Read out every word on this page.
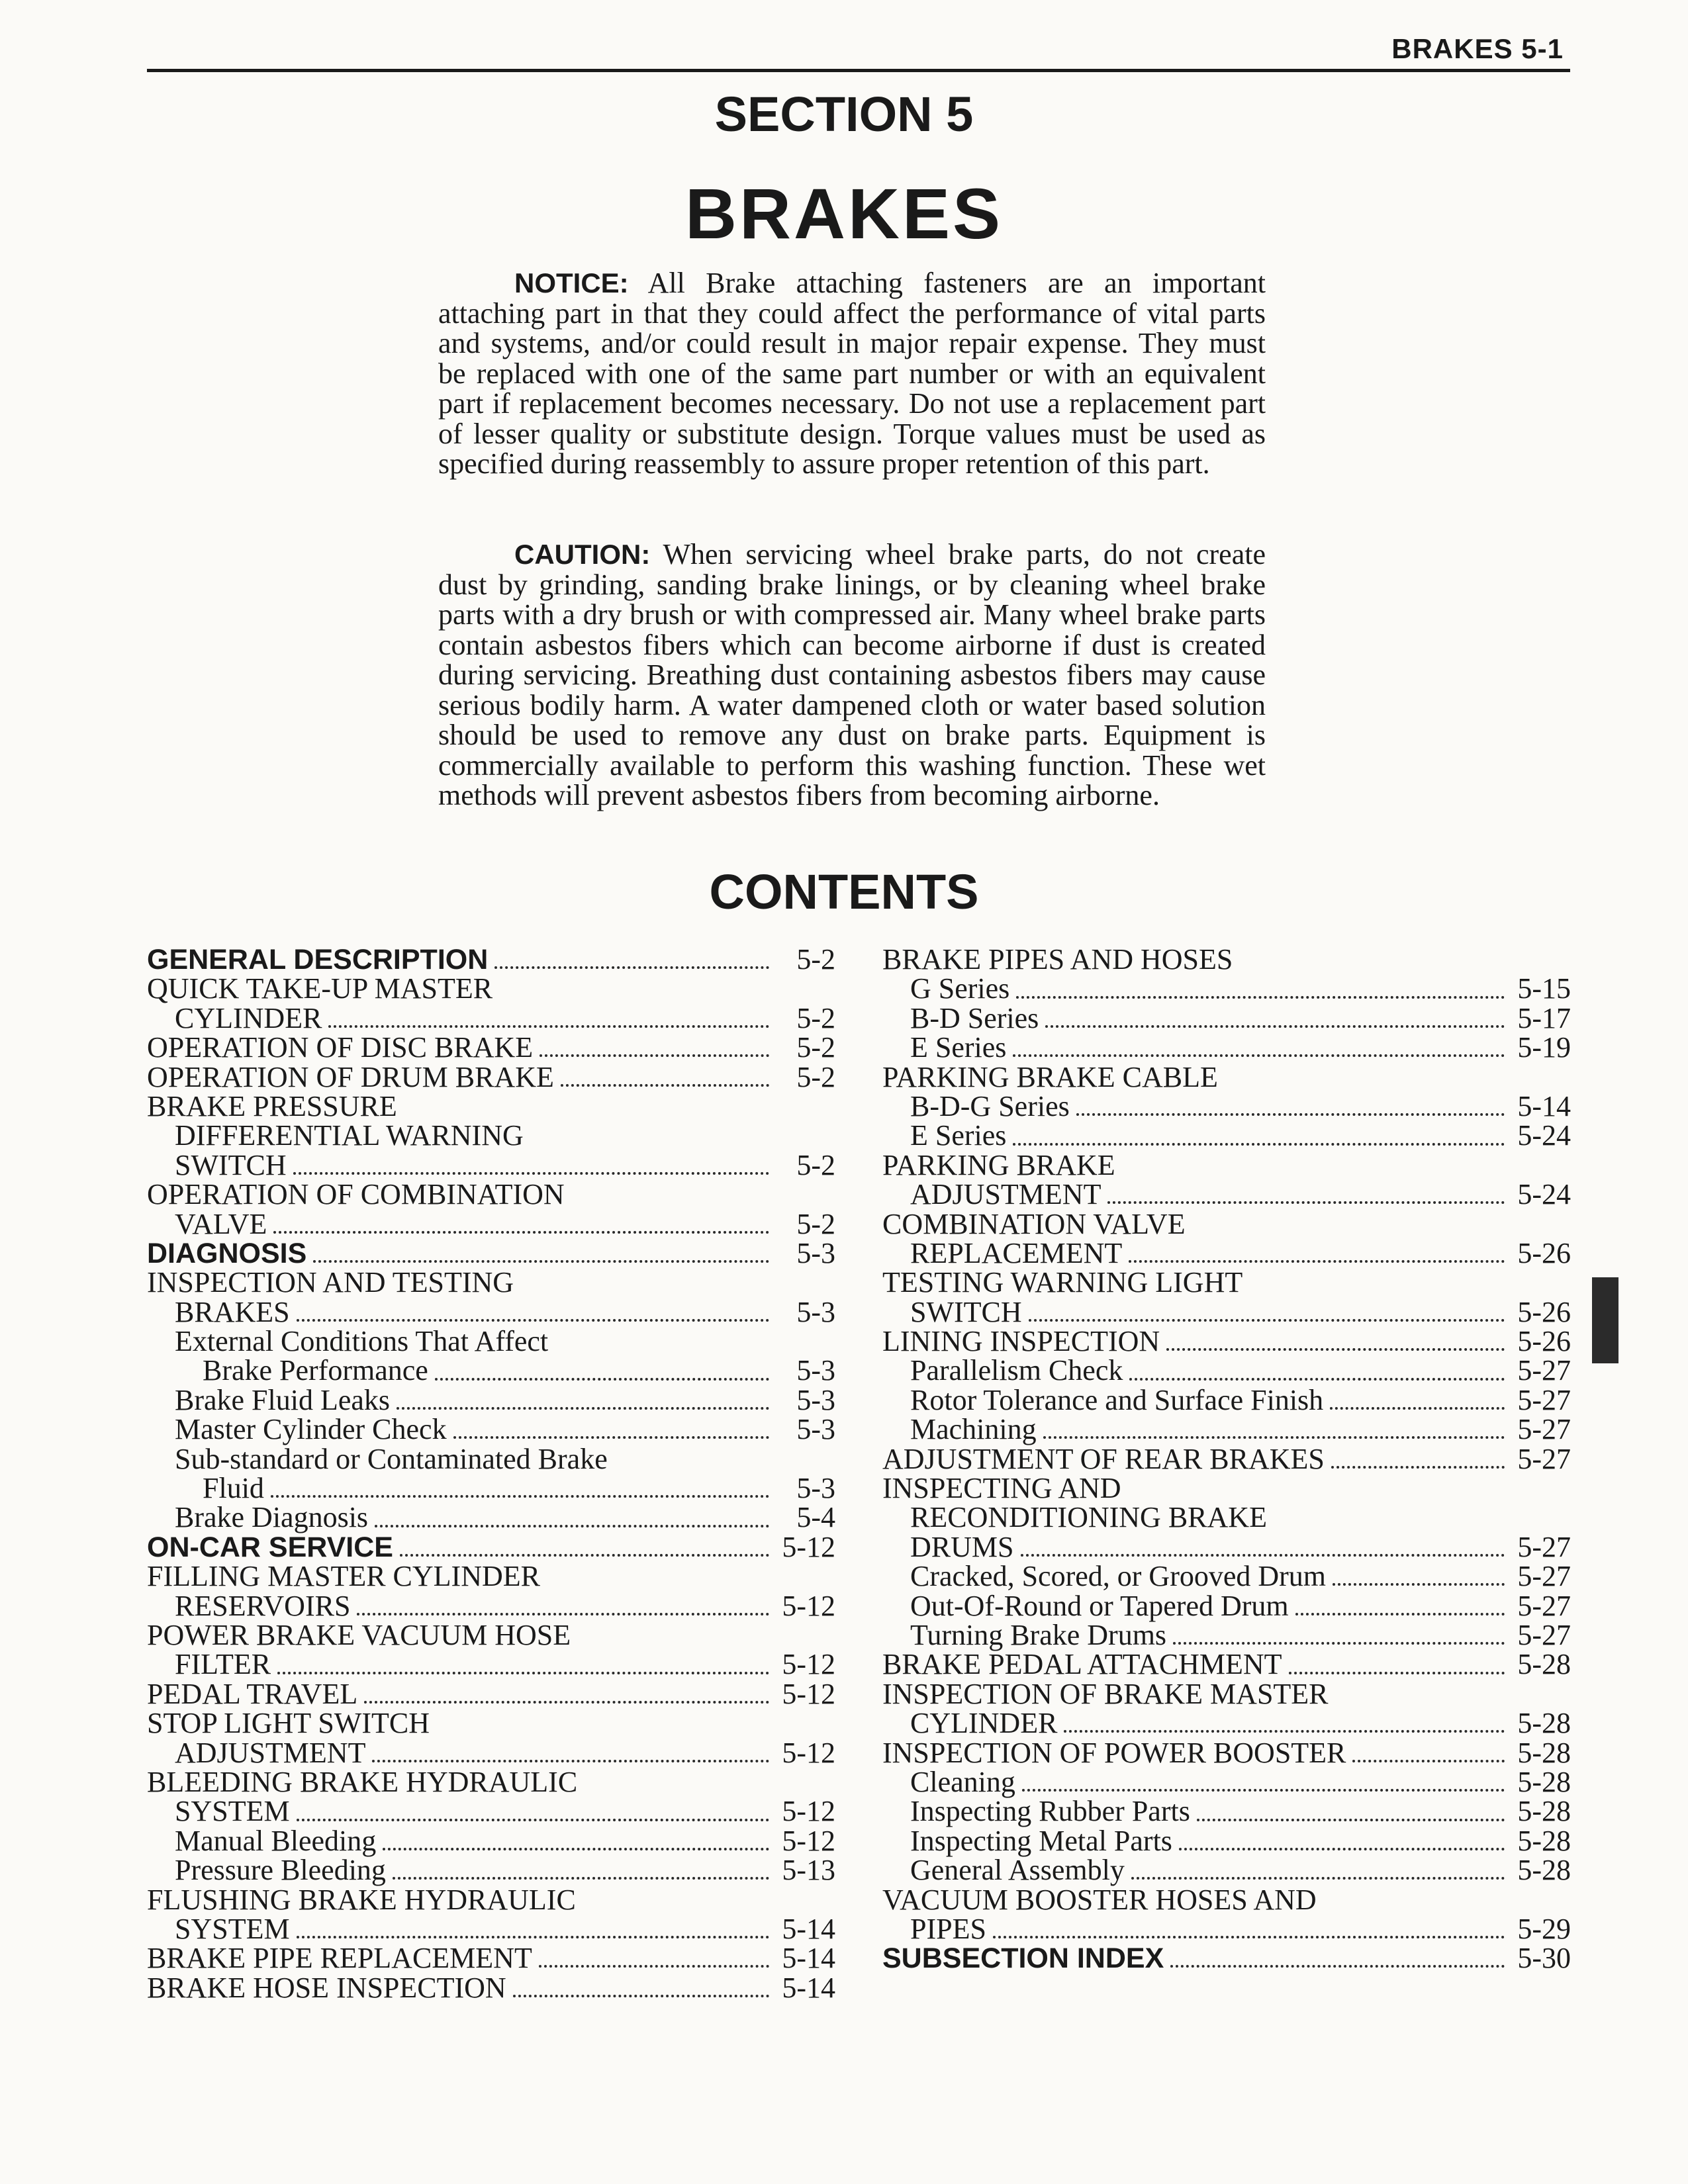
BRAKES 5-1
SECTION 5
BRAKES

NOTICE: All Brake attaching fasteners are an important attaching part in that they could affect the performance of vital parts and systems, and/or could result in major repair expense. They must be replaced with one of the same part number or with an equivalent part if replacement becomes necessary. Do not use a replacement part of lesser quality or substitute design. Torque values must be used as specified during reassembly to assure proper retention of this part.

CAUTION: When servicing wheel brake parts, do not create dust by grinding, sanding brake linings, or by cleaning wheel brake parts with a dry brush or with compressed air. Many wheel brake parts contain asbestos fibers which can become airborne if dust is created during servicing. Breathing dust containing asbestos fibers may cause serious bodily harm. A water dampened cloth or water based solution should be used to remove any dust on brake parts. Equipment is commercially available to perform this washing function. These wet methods will prevent asbestos fibers from becoming airborne.

CONTENTS
GENERAL DESCRIPTION	5-2
QUICK TAKE-UP MASTER
CYLINDER	5-2
OPERATION OF DISC BRAKE	5-2
OPERATION OF DRUM BRAKE	5-2
BRAKE PRESSURE
DIFFERENTIAL WARNING
SWITCH	5-2
OPERATION OF COMBINATION
VALVE	5-2
DIAGNOSIS	5-3
INSPECTION AND TESTING
BRAKES	5-3
External Conditions That Affect
Brake Performance	5-3
Brake Fluid Leaks	5-3
Master Cylinder Check	5-3
Sub-standard or Contaminated Brake
Fluid	5-3
Brake Diagnosis	5-4
ON-CAR SERVICE	5-12
FILLING MASTER CYLINDER
RESERVOIRS	5-12
POWER BRAKE VACUUM HOSE
FILTER	5-12
PEDAL TRAVEL	5-12
STOP LIGHT SWITCH
ADJUSTMENT	5-12
BLEEDING BRAKE HYDRAULIC
SYSTEM	5-12
Manual Bleeding	5-12
Pressure Bleeding	5-13
FLUSHING BRAKE HYDRAULIC
SYSTEM	5-14
BRAKE PIPE REPLACEMENT	5-14
BRAKE HOSE INSPECTION	5-14
BRAKE PIPES AND HOSES
G Series	5-15
B-D Series	5-17
E Series	5-19
PARKING BRAKE CABLE
B-D-G Series	5-14
E Series	5-24
PARKING BRAKE
ADJUSTMENT	5-24
COMBINATION VALVE
REPLACEMENT	5-26
TESTING WARNING LIGHT
SWITCH	5-26
LINING INSPECTION	5-26
Parallelism Check	5-27
Rotor Tolerance and Surface Finish	5-27
Machining	5-27
ADJUSTMENT OF REAR BRAKES	5-27
INSPECTING AND
RECONDITIONING BRAKE
DRUMS	5-27
Cracked, Scored, or Grooved Drum	5-27
Out-Of-Round or Tapered Drum	5-27
Turning Brake Drums	5-27
BRAKE PEDAL ATTACHMENT	5-28
INSPECTION OF BRAKE MASTER
CYLINDER	5-28
INSPECTION OF POWER BOOSTER	5-28
Cleaning	5-28
Inspecting Rubber Parts	5-28
Inspecting Metal Parts	5-28
General Assembly	5-28
VACUUM BOOSTER HOSES AND
PIPES	5-29
SUBSECTION INDEX	5-30
